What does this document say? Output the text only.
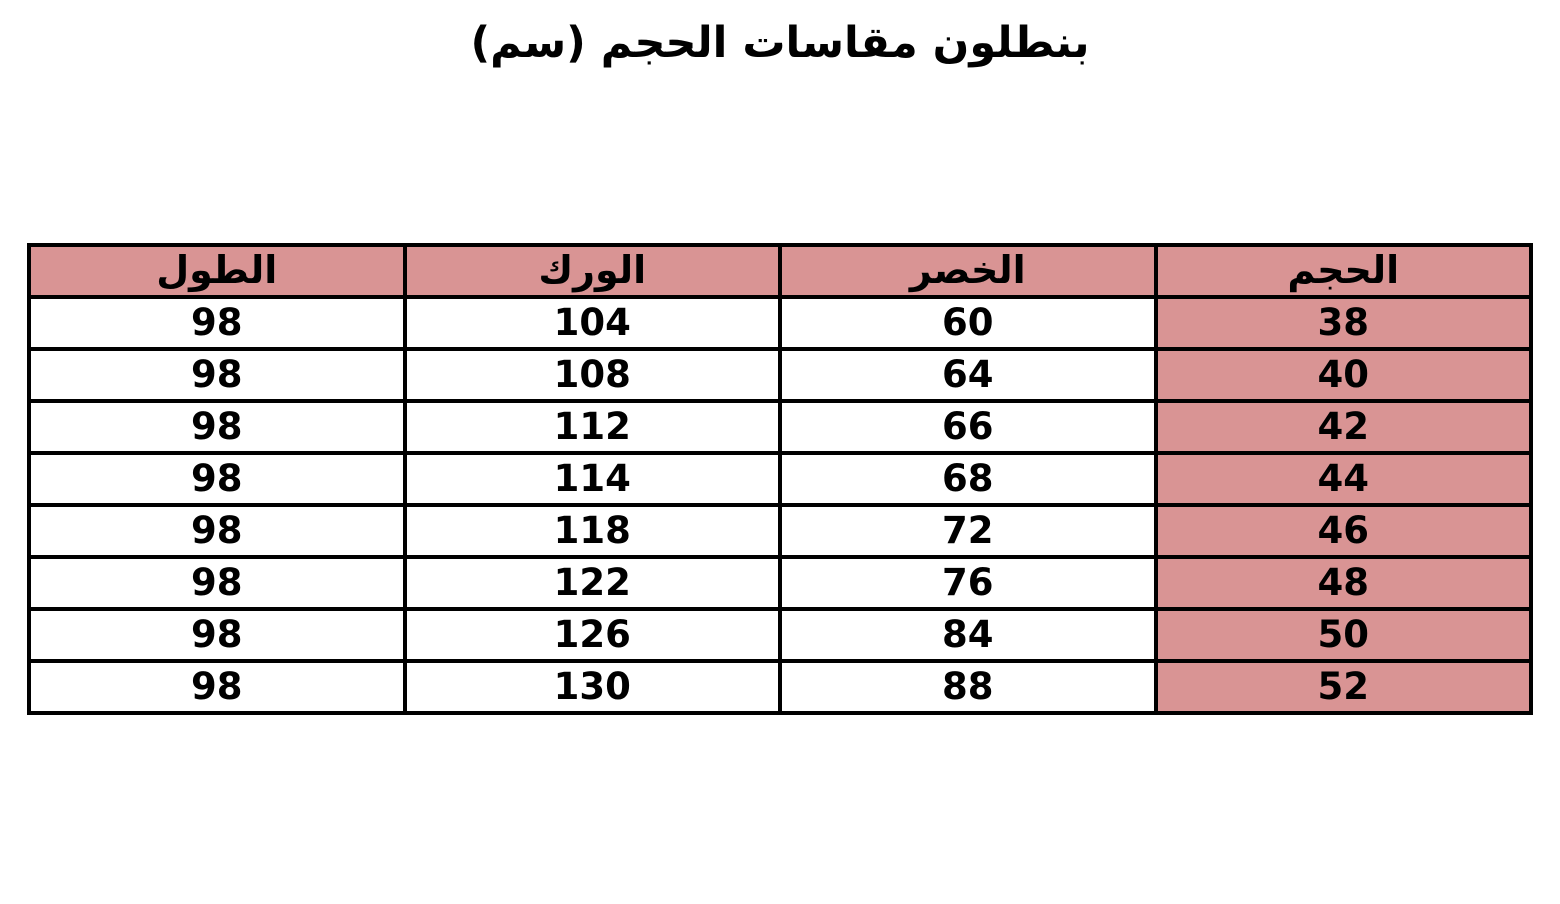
بنطلون مقاسات الحجم (سم)
الحجم	الخصر	الورك	الطول
38	60	104	98
40	64	108	98
42	66	112	98
44	68	114	98
46	72	118	98
48	76	122	98
50	84	126	98
52	88	130	98
